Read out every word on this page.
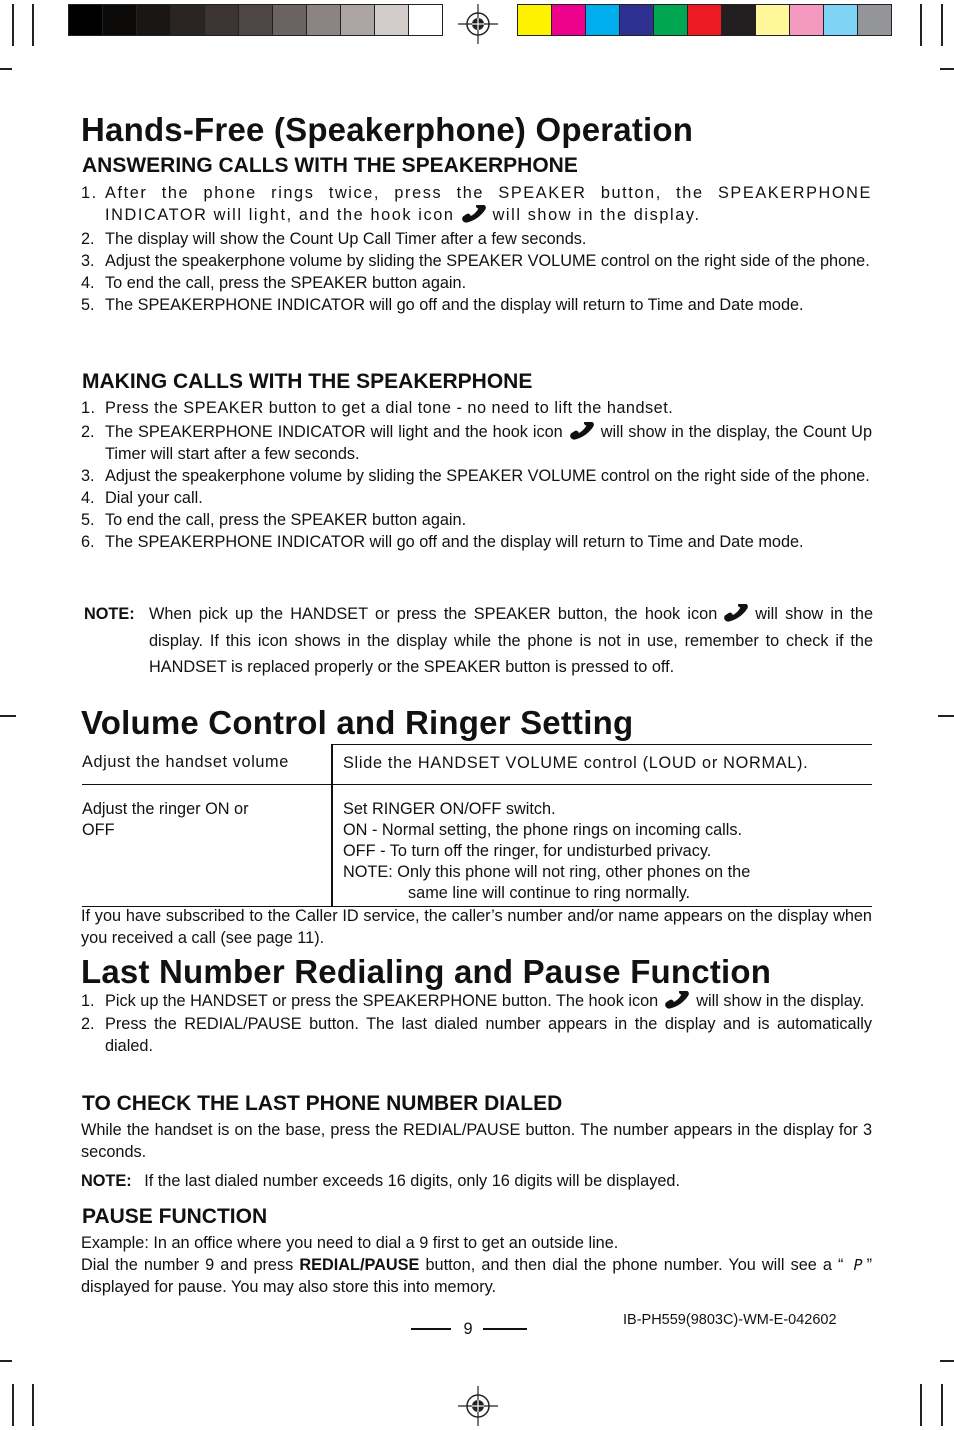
Hands-Free (Speakerphone) Operation
ANSWERING CALLS WITH THE SPEAKERPHONE
1. After the phone rings twice, press the SPEAKER button, the SPEAKERPHONE INDICATOR will light, and the hook icon will show in the display.
2. The display will show the Count Up Call Timer after a few seconds.
3. Adjust the speakerphone volume by sliding the SPEAKER VOLUME control on the right side of the phone.
4. To end the call, press the SPEAKER button again.
5. The SPEAKERPHONE INDICATOR will go off and the display will return to Time and Date mode.
MAKING CALLS WITH THE SPEAKERPHONE
1. Press the SPEAKER button to get a dial tone - no need to lift the handset.
2. The SPEAKERPHONE INDICATOR will light and the hook icon will show in the display, the Count Up Timer will start after a few seconds.
3. Adjust the speakerphone volume by sliding the SPEAKER VOLUME control on the right side of the phone.
4. Dial your call.
5. To end the call, press the SPEAKER button again.
6. The SPEAKERPHONE INDICATOR will go off and the display will return to Time and Date mode.
NOTE: When pick up the HANDSET or press the SPEAKER button, the hook icon will show in the display. If this icon shows in the display while the phone is not in use, remember to check if the HANDSET is replaced properly or the SPEAKER button is pressed to off.
Volume Control and Ringer Setting
Adjust the handset volume	Slide the HANDSET VOLUME control (LOUD or NORMAL).
Adjust the ringer ON or OFF	Set RINGER ON/OFF switch.
ON - Normal setting, the phone rings on incoming calls.
OFF - To turn off the ringer, for undisturbed privacy.
NOTE: Only this phone will not ring, other phones on the
same line will continue to ring normally.
If you have subscribed to the Caller ID service, the caller’s number and/or name appears on the display when you received a call (see page 11).
Last Number Redialing and Pause Function
1. Pick up the HANDSET or press the SPEAKERPHONE button. The hook icon will show in the display.
2. Press the REDIAL/PAUSE button. The last dialed number appears in the display and is automatically dialed.
TO CHECK THE LAST PHONE NUMBER DIALED
While the handset is on the base, press the REDIAL/PAUSE button. The number appears in the display for 3 seconds.
NOTE: If the last dialed number exceeds 16 digits, only 16 digits will be displayed.
PAUSE FUNCTION
Example: In an office where you need to dial a 9 first to get an outside line.
Dial the number 9 and press REDIAL/PAUSE button, and then dial the phone number. You will see a “ P ” displayed for pause. You may also store this into memory.
9	IB-PH559(9803C)-WM-E-042602
